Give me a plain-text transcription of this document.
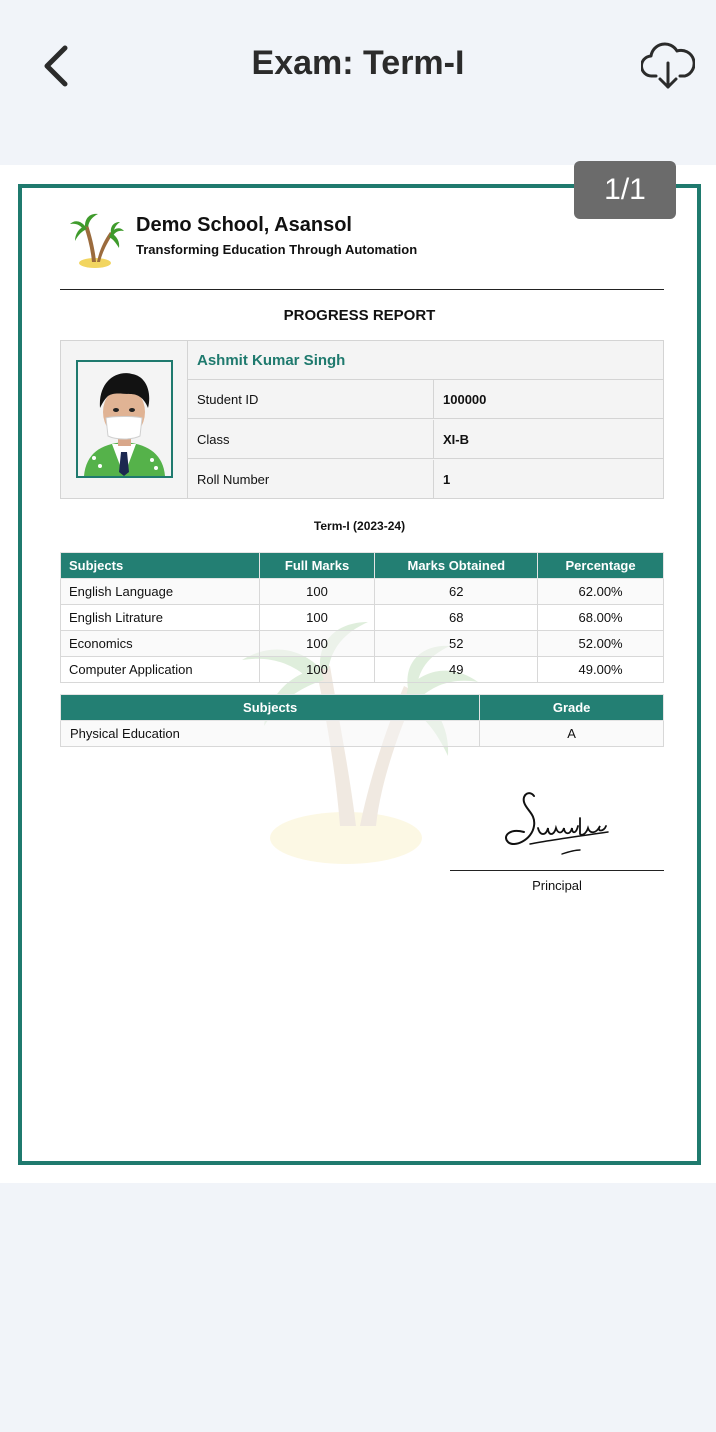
Exam: Term-I
1/1
Demo School, Asansol
Transforming Education Through Automation
PROGRESS REPORT
Ashmit Kumar Singh
Student ID	100000
Class	XI-B
Roll Number	1
Term-I (2023-24)
Subjects	Full Marks	Marks Obtained	Percentage
English Language	100	62	62.00%
English Litrature	100	68	68.00%
Economics	100	52	52.00%
Computer Application	100	49	49.00%
Subjects	Grade
Physical Education	A
Principal
